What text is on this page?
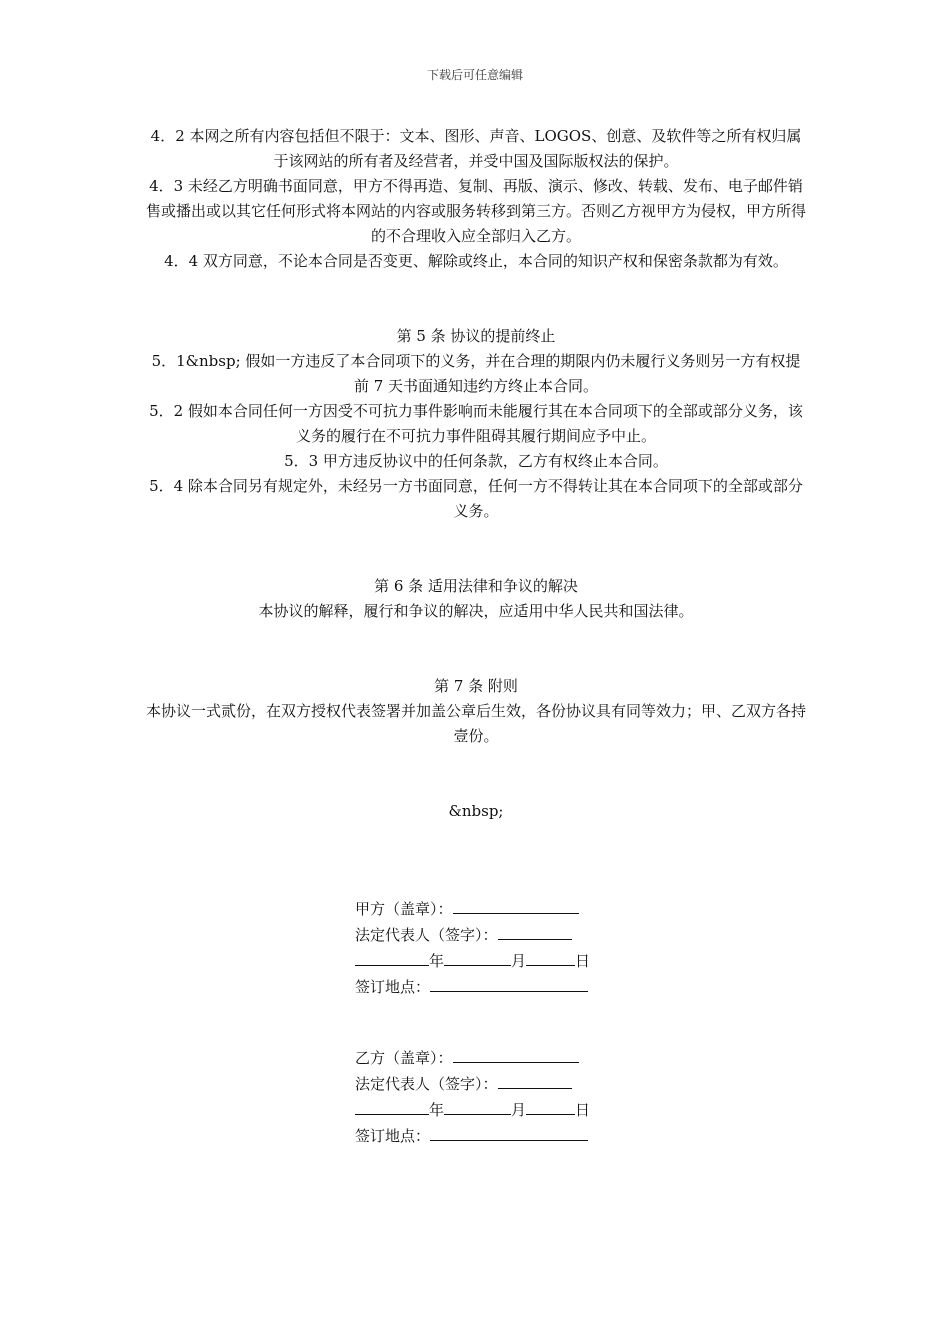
下载后可任意编辑

4．2 本网之所有内容包括但不限于：文本、图形、声音、LOGOS、创意、及软件等之所有权归属于该网站的所有者及经营者，并受中国及国际版权法的保护。

4．3 未经乙方明确书面同意，甲方不得再造、复制、再版、演示、修改、转载、发布、电子邮件销售或播出或以其它任何形式将本网站的内容或服务转移到第三方。否则乙方视甲方为侵权，甲方所得的不合理收入应全部归入乙方。

4．4 双方同意，不论本合同是否变更、解除或终止，本合同的知识产权和保密条款都为有效。

第 5 条 协议的提前终止

5．1&nbsp; 假如一方违反了本合同项下的义务，并在合理的期限内仍未履行义务则另一方有权提前 7 天书面通知违约方终止本合同。

5．2 假如本合同任何一方因受不可抗力事件影响而未能履行其在本合同项下的全部或部分义务，该义务的履行在不可抗力事件阻碍其履行期间应予中止。

5．3 甲方违反协议中的任何条款，乙方有权终止本合同。

5．4 除本合同另有规定外，未经另一方书面同意，任何一方不得转让其在本合同项下的全部或部分义务。

第 6 条 适用法律和争议的解决

本协议的解释，履行和争议的解决，应适用中华人民共和国法律。

第 7 条 附则

本协议一式贰份，在双方授权代表签署并加盖公章后生效，各份协议具有同等效力；甲、乙双方各持壹份。

&nbsp;

甲方（盖章）：

法定代表人（签字）：

年	月	日

签订地点：

乙方（盖章）：

法定代表人（签字）：

年	月	日

签订地点：
